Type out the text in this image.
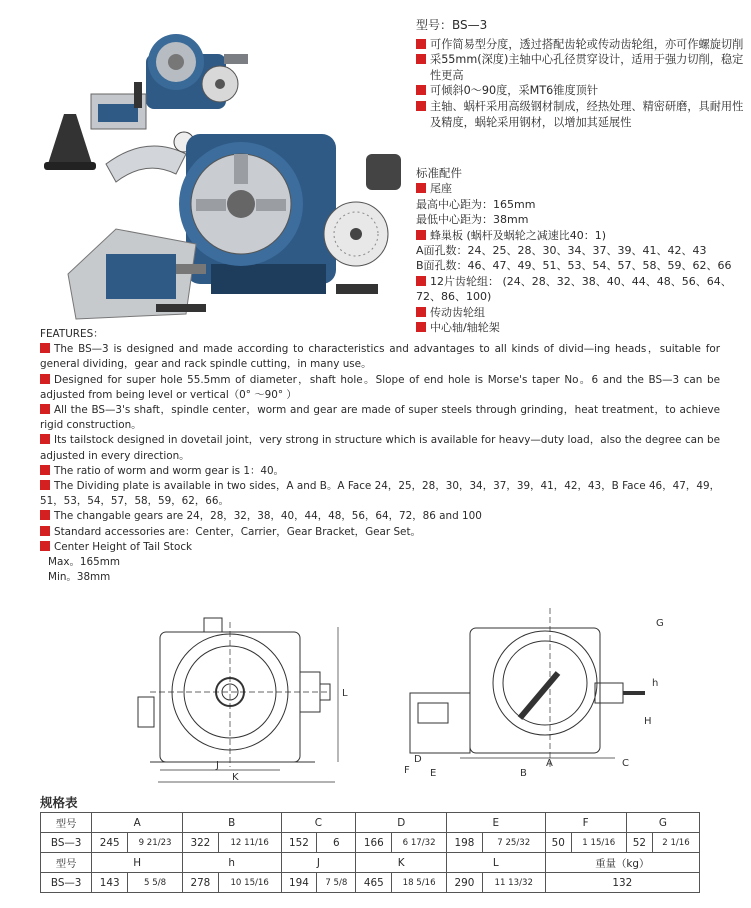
型号：BS—3
可作简易型分度，透过搭配齿轮或传动齿轮组，亦可作螺旋切削
采55mm(深度)主轴中心孔径贯穿设计，适用于强力切削，稳定性更高
可倾斜0～90度，采MT6锥度顶针
主轴、蜗杆采用高级钢材制成，经热处理、精密研磨，具耐用性及精度，蜗轮采用钢材，以增加其延展性
标准配件
尾座
最高中心距为：165mm
最低中心距为：38mm
蜂巢板 (蜗杆及蜗轮之减速比40：1)
A面孔数：24、25、28、30、34、37、39、41、42、43
B面孔数：46、47、49、51、53、54、57、58、59、62、66
12片齿轮组： (24、28、32、38、40、44、48、56、64、72、86、100)
传动齿轮组
中心轴/轴轮架
FEATURES：
The BS—3 is designed and made according to characteristics and advantages to all kinds of divid—ing heads，suitable for general dividing，gear and rack spindle cutting，in many use。
Designed for super hole 55.5mm of diameter，shaft hole。Slope of end hole is Morse's taper No。6 and the BS—3 can be adjusted from being level or vertical（0° ～90° ）
All the BS—3's shaft，spindle center，worm and gear are made of super steels through grinding，heat treatment，to achieve rigid construction。
Its tailstock designed in dovetail joint，very strong in structure which is available for heavy—duty load，also the degree can be adjusted in every direction。
The ratio of worm and worm gear is 1：40。
The Dividing plate is available in two sides，A and B。A Face 24，25，28，30，34，37，39，41，42，43，B Face 46，47，49，51，53，54，57，58，59，62，66。
The changable gears are 24，28，32，38，40，44，48，56，64，72，86 and 100
Standard accessories are：Center，Carrier，Gear Bracket，Gear Set。
Center Height of Tail Stock
Max。165mm
Min。38mm
L
J
K
G
h
H
A
B
C
D
E
F
规格表
型号	A		B		C		D		E		F		G	
BS—3	245	9 21/23	322	12 11/16	152	6	166	6 17/32	198	7 25/32	50	1 15/16	52	2 1/16
型号	H		h		J		K		L		重量（kg）			
BS—3	143	5 5/8	278	10 15/16	194	7 5/8	465	18 5/16	290	11 13/32	132			
